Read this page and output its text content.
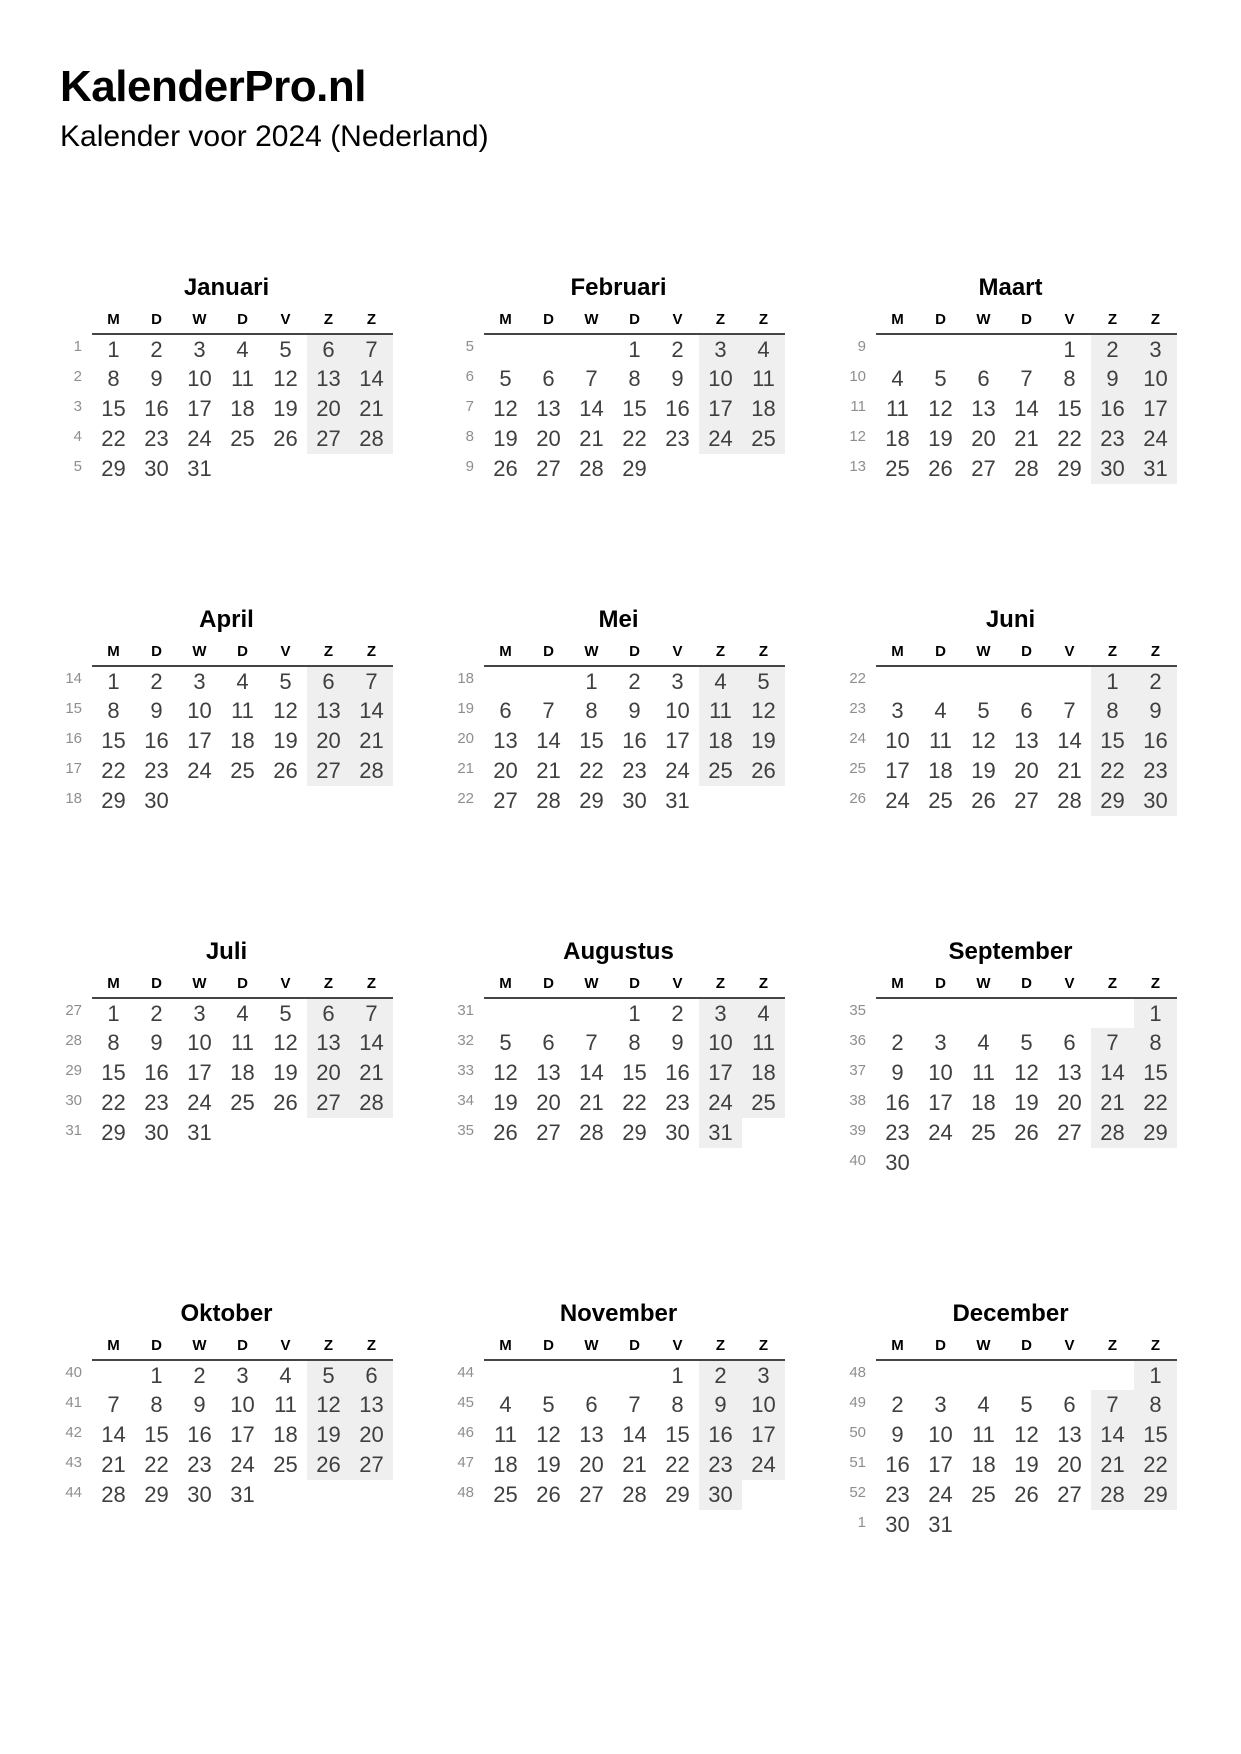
KalenderPro.nl
Kalender voor 2024 (Nederland)
Januari
	M	D	W	D	V	Z	Z
1	1	2	3	4	5	6	7
2	8	9	10	11	12	13	14
3	15	16	17	18	19	20	21
4	22	23	24	25	26	27	28
5	29	30	31				
Februari
	M	D	W	D	V	Z	Z
5				1	2	3	4
6	5	6	7	8	9	10	11
7	12	13	14	15	16	17	18
8	19	20	21	22	23	24	25
9	26	27	28	29			
Maart
	M	D	W	D	V	Z	Z
9					1	2	3
10	4	5	6	7	8	9	10
11	11	12	13	14	15	16	17
12	18	19	20	21	22	23	24
13	25	26	27	28	29	30	31
April
	M	D	W	D	V	Z	Z
14	1	2	3	4	5	6	7
15	8	9	10	11	12	13	14
16	15	16	17	18	19	20	21
17	22	23	24	25	26	27	28
18	29	30					
Mei
	M	D	W	D	V	Z	Z
18			1	2	3	4	5
19	6	7	8	9	10	11	12
20	13	14	15	16	17	18	19
21	20	21	22	23	24	25	26
22	27	28	29	30	31		
Juni
	M	D	W	D	V	Z	Z
22						1	2
23	3	4	5	6	7	8	9
24	10	11	12	13	14	15	16
25	17	18	19	20	21	22	23
26	24	25	26	27	28	29	30
Juli
	M	D	W	D	V	Z	Z
27	1	2	3	4	5	6	7
28	8	9	10	11	12	13	14
29	15	16	17	18	19	20	21
30	22	23	24	25	26	27	28
31	29	30	31				
Augustus
	M	D	W	D	V	Z	Z
31				1	2	3	4
32	5	6	7	8	9	10	11
33	12	13	14	15	16	17	18
34	19	20	21	22	23	24	25
35	26	27	28	29	30	31	
September
	M	D	W	D	V	Z	Z
35							1
36	2	3	4	5	6	7	8
37	9	10	11	12	13	14	15
38	16	17	18	19	20	21	22
39	23	24	25	26	27	28	29
40	30						
Oktober
	M	D	W	D	V	Z	Z
40		1	2	3	4	5	6
41	7	8	9	10	11	12	13
42	14	15	16	17	18	19	20
43	21	22	23	24	25	26	27
44	28	29	30	31			
November
	M	D	W	D	V	Z	Z
44					1	2	3
45	4	5	6	7	8	9	10
46	11	12	13	14	15	16	17
47	18	19	20	21	22	23	24
48	25	26	27	28	29	30	
December
	M	D	W	D	V	Z	Z
48							1
49	2	3	4	5	6	7	8
50	9	10	11	12	13	14	15
51	16	17	18	19	20	21	22
52	23	24	25	26	27	28	29
1	30	31					
